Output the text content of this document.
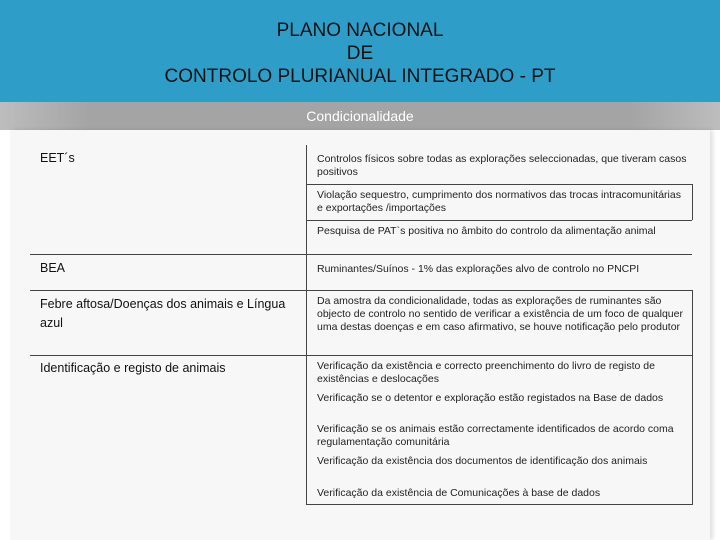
PLANO NACIONAL
DE
CONTROLO PLURIANUAL INTEGRADO - PT
Condicionalidade
EET´s
BEA
Febre aftosa/Doenças dos animais e Língua azul
Identificação e registo de animais
Controlos físicos sobre todas as explorações seleccionadas, que tiveram casos positivos
Violação sequestro, cumprimento dos normativos das trocas intracomunitárias e exportações /importações
Pesquisa de PAT`s positiva no âmbito do controlo da alimentação animal
Ruminantes/Suínos - 1% das explorações alvo de controlo no PNCPI
Da amostra da condicionalidade, todas as explorações de ruminantes são objecto de controlo no sentido de verificar a existência de um foco de qualquer uma destas doenças e em caso afirmativo, se houve notificação pelo produtor
Verificação da existência e correcto preenchimento do livro de registo de existências e deslocações
Verificação se o detentor e exploração estão registados na Base de dados
Verificação se os animais estão correctamente identificados de acordo coma regulamentação comunitária
Verificação da existência dos documentos de identificação dos animais
Verificação da existência de Comunicações à base de dados
